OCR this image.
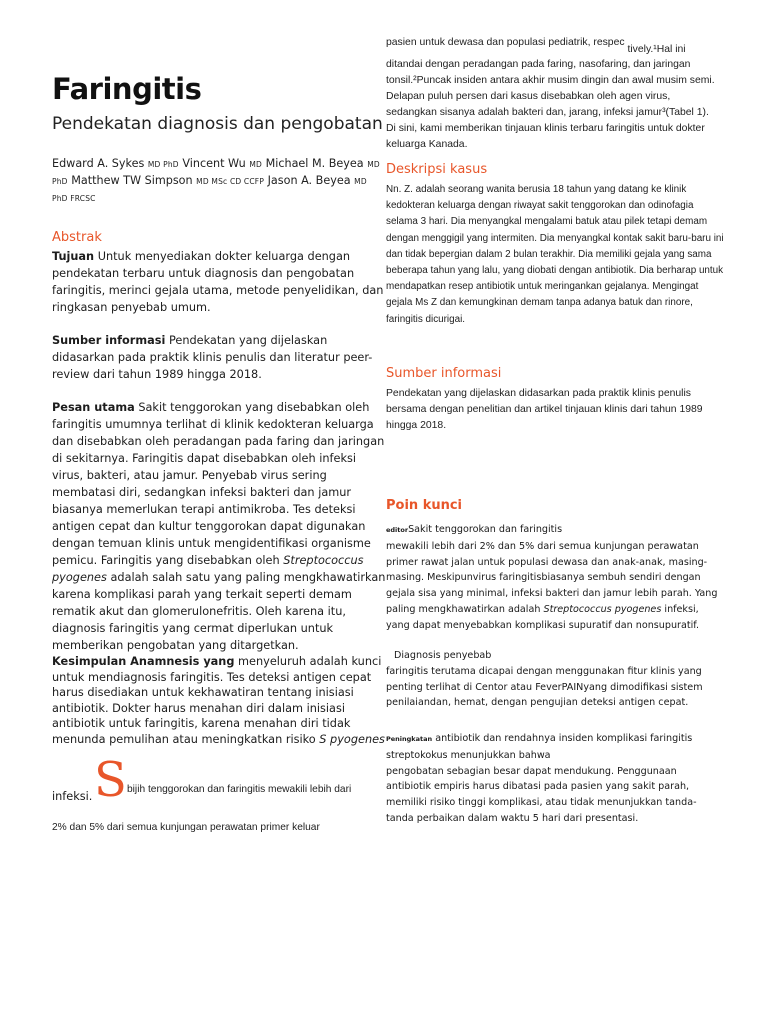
Faringitis
Pendekatan diagnosis dan pengobatan
Edward A. Sykes MD PhD Vincent Wu MD Michael M. Beyea MD PhD Matthew TW Simpson MD MSc CD CCFP Jason A. Beyea MD PhD FRCSC
Abstrak

Tujuan Untuk menyediakan dokter keluarga dengan pendekatan terbaru untuk diagnosis dan pengobatan faringitis, merinci gejala utama, metode penyelidikan, dan ringkasan penyebab umum.

Sumber informasi Pendekatan yang dijelaskan didasarkan pada praktik klinis penulis dan literatur peer-review dari tahun 1989 hingga 2018.

Pesan utama Sakit tenggorokan yang disebabkan oleh faringitis umumnya terlihat di klinik kedokteran keluarga dan disebabkan oleh peradangan pada faring dan jaringan di sekitarnya. Faringitis dapat disebabkan oleh infeksi virus, bakteri, atau jamur. Penyebab virus sering membatasi diri, sedangkan infeksi bakteri dan jamur biasanya memerlukan terapi antimikroba. Tes deteksi antigen cepat dan kultur tenggorokan dapat digunakan dengan temuan klinis untuk mengidentifikasi organisme pemicu. Faringitis yang disebabkan oleh Streptococcus pyogenes adalah salah satu yang paling mengkhawatirkan karena komplikasi parah yang terkait seperti demam rematik akut dan glomerulonefritis. Oleh karena itu, diagnosis faringitis yang cermat diperlukan untuk memberikan pengobatan yang ditargetkan.

Kesimpulan Anamnesis yang menyeluruh adalah kunci untuk mendiagnosis faringitis. Tes deteksi antigen cepat harus disediakan untuk kekhawatiran tentang inisiasi antibiotik. Dokter harus menahan diri dalam inisiasi antibiotik untuk faringitis, karena menahan diri tidak menunda pemulihan atau meningkatkan risiko S pyogenes

infeksi. S bijih tenggorokan dan faringitis mewakili lebih dari
2% dan 5% dari semua kunjungan perawatan primer keluar
pasien untuk dewasa dan populasi pediatrik, respec tively.¹Hal ini

ditandai dengan peradangan pada faring, nasofaring, dan jaringan tonsil.²Puncak insiden antara akhir musim dingin dan awal musim semi. Delapan puluh persen dari kasus disebabkan oleh agen virus, sedangkan sisanya adalah bakteri dan, jarang, infeksi jamur³(Tabel 1). Di sini, kami memberikan tinjauan klinis terbaru faringitis untuk dokter keluarga Kanada.

Deskripsi kasus

Nn. Z. adalah seorang wanita berusia 18 tahun yang datang ke klinik kedokteran keluarga dengan riwayat sakit tenggorokan dan odinofagia selama 3 hari. Dia menyangkal mengalami batuk atau pilek tetapi demam dengan menggigil yang intermiten. Dia menyangkal kontak sakit baru-baru ini dan tidak bepergian dalam 2 bulan terakhir. Dia memiliki gejala yang sama beberapa tahun yang lalu, yang diobati dengan antibiotik. Dia berharap untuk mendapatkan resep antibiotik untuk meringankan gejalanya. Mengingat gejala Ms Z dan kemungkinan demam tanpa adanya batuk dan rinore, faringitis dicurigai.

Sumber informasi

Pendekatan yang dijelaskan didasarkan pada praktik klinis penulis bersama dengan penelitian dan artikel tinjauan klinis dari tahun 1989 hingga 2018.

Poin kunci

editorSakit tenggorokan dan faringitis
mewakili lebih dari 2% dan 5% dari semua kunjungan perawatan primer rawat jalan untuk populasi dewasa dan anak-anak, masing-masing. Meskipunvirus faringitisbiasanya sembuh sendiri dengan gejala sisa yang minimal, infeksi bakteri dan jamur lebih parah. Yang paling mengkhawatirkan adalah Streptococcus pyogenes infeksi, yang dapat menyebabkan komplikasi supuratif dan nonsupuratif.

Diagnosis penyebab
faringitis terutama dicapai dengan menggunakan fitur klinis yang penting terlihat di Centor atau FeverPAINyang dimodifikasi sistem penilaiandan, hemat, dengan pengujian deteksi antigen cepat.

Peningkatan antibiotik dan rendahnya insiden komplikasi faringitis streptokokus menunjukkan bahwa
pengobatan sebagian besar dapat mendukung. Penggunaan antibiotik empiris harus dibatasi pada pasien yang sakit parah, memiliki risiko tinggi komplikasi, atau tidak menunjukkan tanda-tanda perbaikan dalam waktu 5 hari dari presentasi.
